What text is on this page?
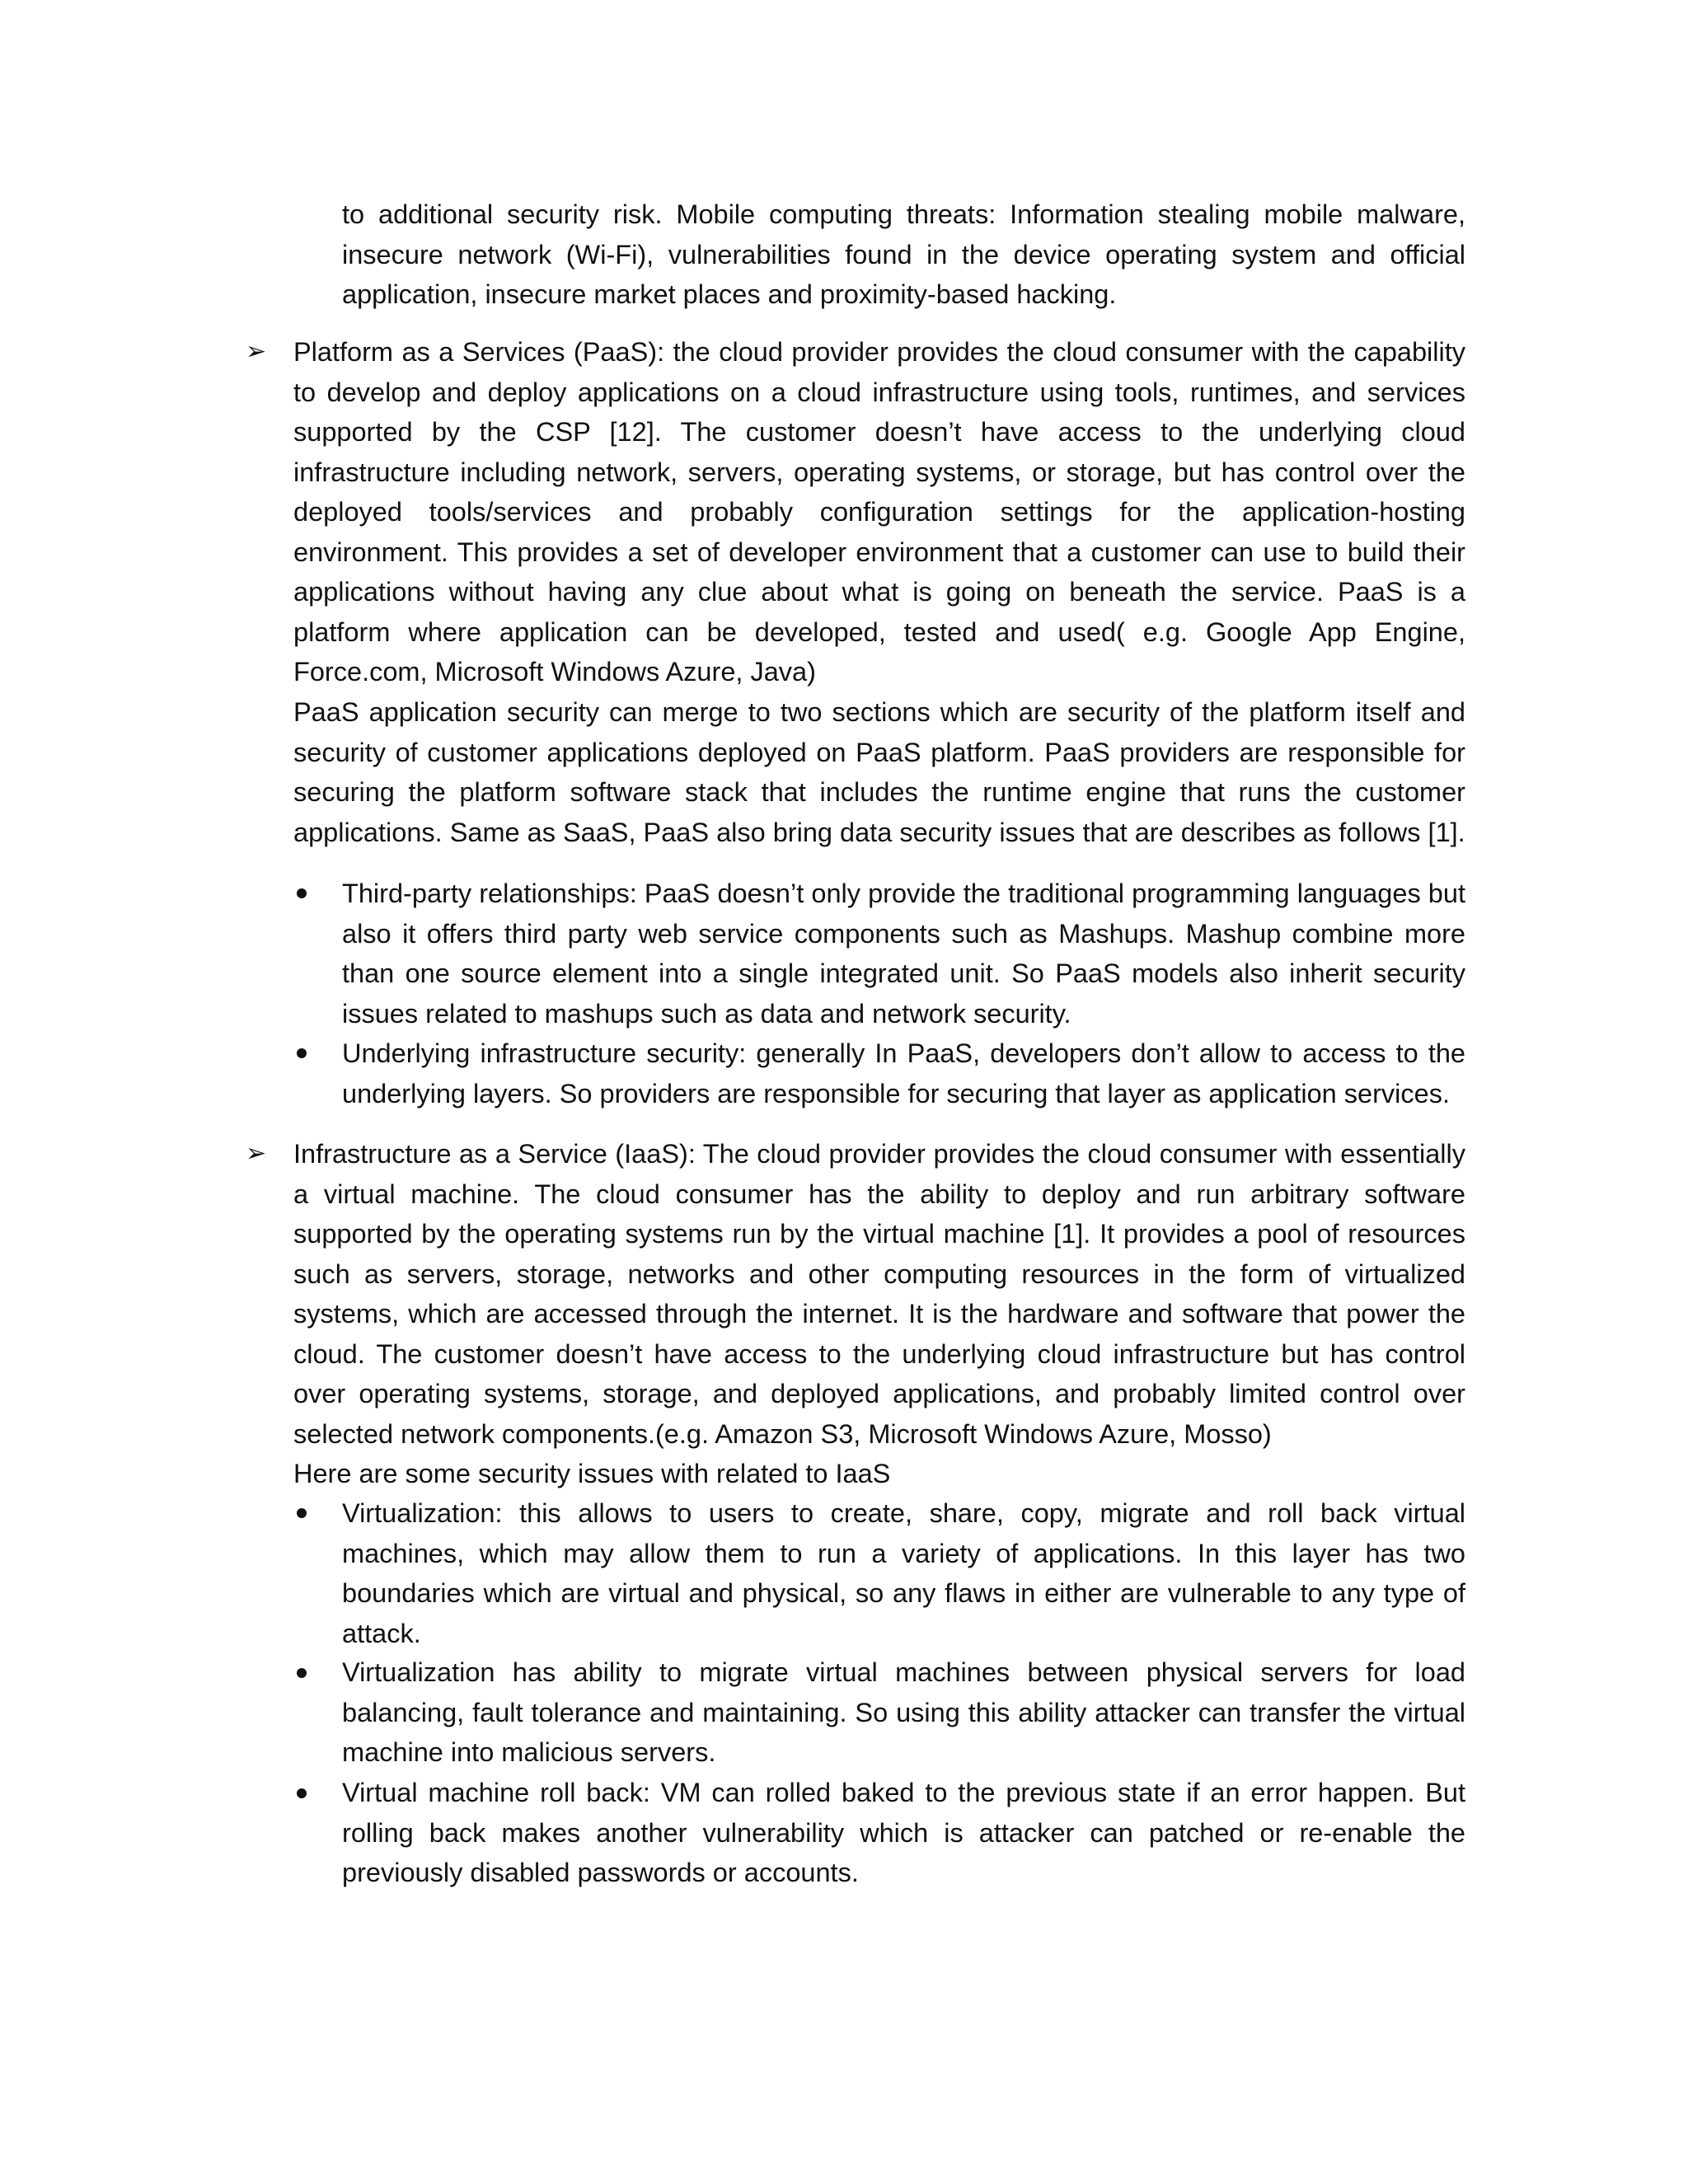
to additional security risk. Mobile computing threats: Information stealing mobile malware, insecure network (Wi-Fi), vulnerabilities found in the device operating system and official application, insecure market places and proximity-based hacking.

➢ Platform as a Services (PaaS): the cloud provider provides the cloud consumer with the capability to develop and deploy applications on a cloud infrastructure using tools, runtimes, and services supported by the CSP [12]. The customer doesn’t have access to the underlying cloud infrastructure including network, servers, operating systems, or storage, but has control over the deployed tools/services and probably configuration settings for the application-hosting environment. This provides a set of developer environment that a customer can use to build their applications without having any clue about what is going on beneath the service. PaaS is a platform where application can be developed, tested and used( e.g. Google App Engine, Force.com, Microsoft Windows Azure, Java)

PaaS application security can merge to two sections which are security of the platform itself and security of customer applications deployed on PaaS platform. PaaS providers are responsible for securing the platform software stack that includes the runtime engine that runs the customer applications. Same as SaaS, PaaS also bring data security issues that are describes as follows [1].

Third-party relationships: PaaS doesn’t only provide the traditional programming languages but also it offers third party web service components such as Mashups. Mashup combine more than one source element into a single integrated unit. So PaaS models also inherit security issues related to mashups such as data and network security.

Underlying infrastructure security: generally In PaaS, developers don’t allow to access to the underlying layers. So providers are responsible for securing that layer as application services.

➢ Infrastructure as a Service (IaaS): The cloud provider provides the cloud consumer with essentially a virtual machine. The cloud consumer has the ability to deploy and run arbitrary software supported by the operating systems run by the virtual machine [1]. It provides a pool of resources such as servers, storage, networks and other computing resources in the form of virtualized systems, which are accessed through the internet. It is the hardware and software that power the cloud. The customer doesn’t have access to the underlying cloud infrastructure but has control over operating systems, storage, and deployed applications, and probably limited control over selected network components.(e.g. Amazon S3, Microsoft Windows Azure, Mosso)

Here are some security issues with related to IaaS

Virtualization: this allows to users to create, share, copy, migrate and roll back virtual machines, which may allow them to run a variety of applications. In this layer has two boundaries which are virtual and physical, so any flaws in either are vulnerable to any type of attack.

Virtualization has ability to migrate virtual machines between physical servers for load balancing, fault tolerance and maintaining. So using this ability attacker can transfer the virtual machine into malicious servers.

Virtual machine roll back: VM can rolled baked to the previous state if an error happen. But rolling back makes another vulnerability which is attacker can patched or re-enable the previously disabled passwords or accounts.
